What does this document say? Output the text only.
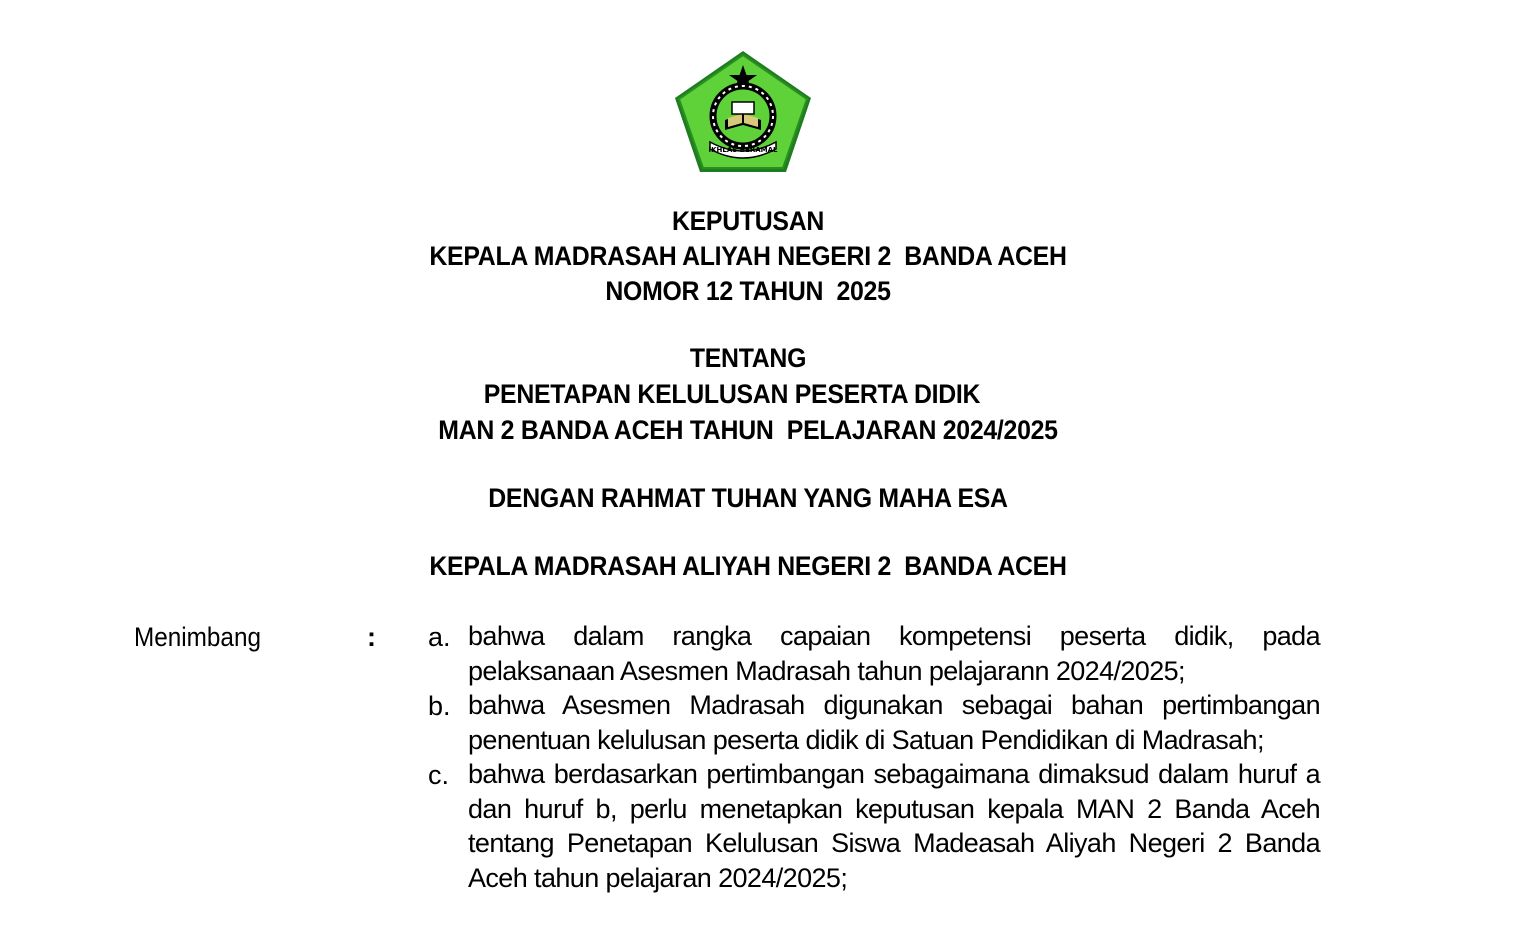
IKHLAS BERAMAL
KEPUTUSAN
KEPALA MADRASAH ALIYAH NEGERI 2  BANDA ACEH
NOMOR 12 TAHUN  2025
TENTANG
PENETAPAN KELULUSAN PESERTA DIDIK
MAN 2 BANDA ACEH TAHUN  PELAJARAN 2024/2025
DENGAN RAHMAT TUHAN YANG MAHA ESA
KEPALA MADRASAH ALIYAH NEGERI 2  BANDA ACEH
Menimbang	: a. bahwa dalam rangka capaian kompetensi peserta didik, pada pelaksanaan Asesmen Madrasah tahun pelajarann 2024/2025;
b. bahwa Asesmen Madrasah digunakan sebagai bahan pertimbangan penentuan kelulusan peserta didik di Satuan Pendidikan di Madrasah;
c. bahwa berdasarkan pertimbangan sebagaimana dimaksud dalam huruf a dan huruf b, perlu menetapkan keputusan kepala MAN 2 Banda Aceh tentang Penetapan Kelulusan Siswa Madeasah Aliyah Negeri 2 Banda Aceh tahun pelajaran 2024/2025;
